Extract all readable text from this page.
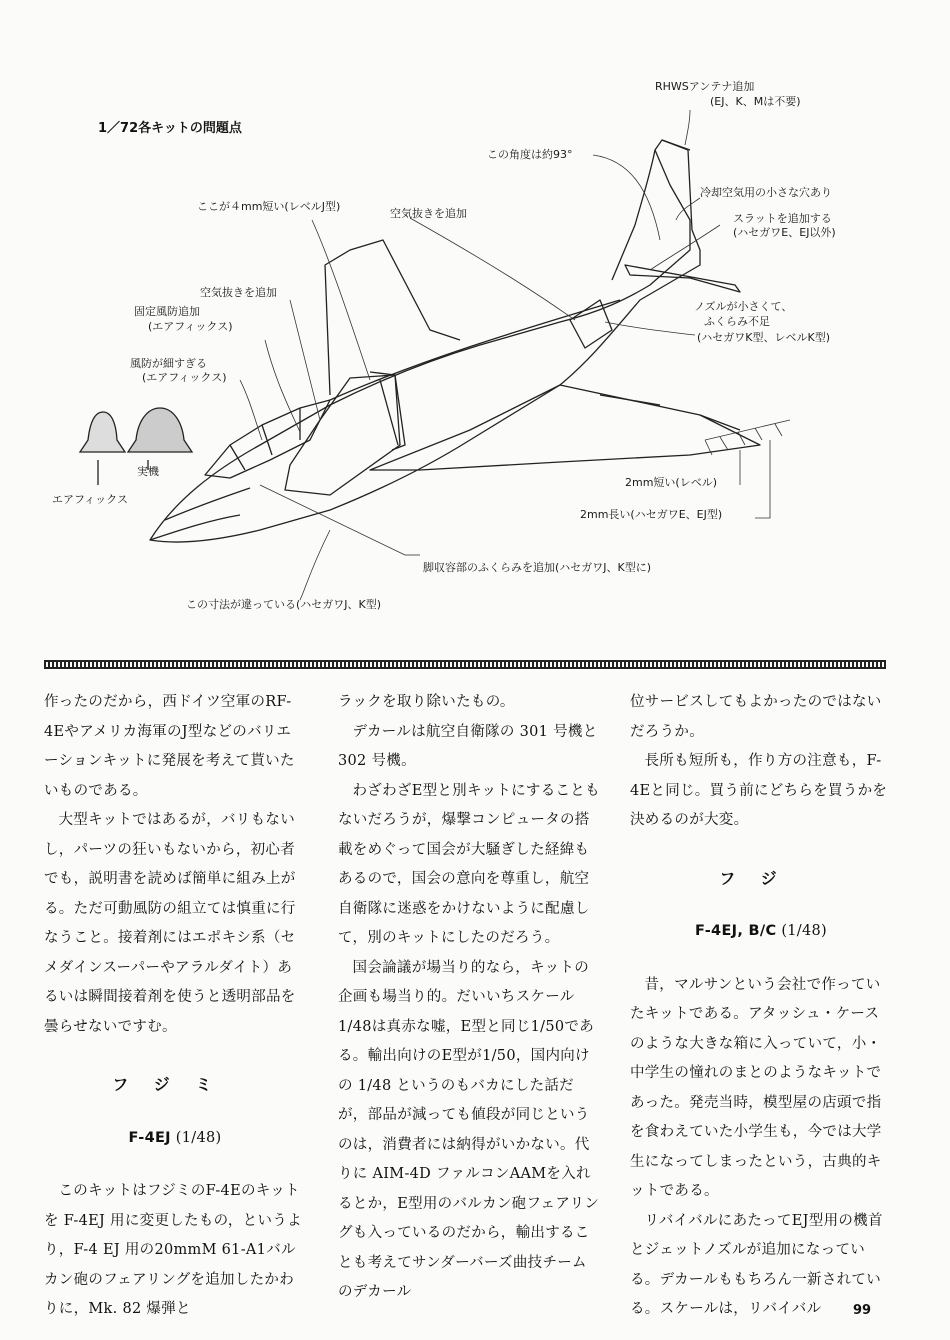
1／72各キットの問題点
RHWSアンテナ追加
(EJ、K、Mは不要)
この角度は約93°
冷却空気用の小さな穴あり
スラットを追加する
(ハセガワE、EJ以外)
ここが４mm短い(レベルJ型)
空気抜きを追加
空気抜きを追加
固定風防追加
(エアフィックス)
風防が細すぎる
(エアフィックス)
実機
エアフィックス
ノズルが小さくて、
ふくらみ不足
(ハセガワK型、レベルK型)
2mm短い(レベル)
2mm長い(ハセガワE、EJ型)
脚収容部のふくらみを追加(ハセガワJ、K型に)
この寸法が違っている(ハセガワJ、K型)

作ったのだから，西ドイツ空軍のRF-4Eやアメリカ海軍のJ型などのバリエーションキットに発展を考えて貰いたいものである。

大型キットではあるが，バリもないし，パーツの狂いもないから，初心者でも，説明書を読めば簡単に組み上がる。ただ可動風防の組立ては慎重に行なうこと。接着剤にはエポキシ系（セメダインスーパーやアラルダイト）あるいは瞬間接着剤を使うと透明部品を曇らせないですむ。

フジミ
F-4EJ (1/48)

このキットはフジミのF-4Eのキットを F-4EJ 用に変更したもの，というより，F-4 EJ 用の20mmM 61-A1バルカン砲のフェアリングを追加したかわりに，Mk. 82 爆弾と

ラックを取り除いたもの。

デカールは航空自衛隊の 301 号機と 302 号機。

わざわざE型と別キットにすることもないだろうが，爆撃コンピュータの搭載をめぐって国会が大騒ぎした経緯もあるので，国会の意向を尊重し，航空自衛隊に迷惑をかけないように配慮して，別のキットにしたのだろう。

国会論議が場当り的なら，キットの企画も場当り的。だいいちスケール1/48は真赤な嘘，E型と同じ1/50である。輸出向けのE型が1/50，国内向けの 1/48 というのもバカにした話だが，部品が減っても値段が同じというのは，消費者には納得がいかない。代りに AIM-4D ファルコンAAMを入れるとか，E型用のバルカン砲フェアリングも入っているのだから，輸出することも考えてサンダーバーズ曲技チームのデカール

位サービスしてもよかったのではないだろうか。

長所も短所も，作り方の注意も，F-4Eと同じ。買う前にどちらを買うかを決めるのが大変。

フジ
F-4EJ, B/C (1/48)

昔，マルサンという会社で作っていたキットである。アタッシュ・ケースのような大きな箱に入っていて，小・中学生の憧れのまとのようなキットであった。発売当時，模型屋の店頭で指を食わえていた小学生も，今では大学生になってしまったという，古典的キットである。

リバイバルにあたってEJ型用の機首とジェットノズルが追加になっている。デカールももちろん一新されている。スケールは，リバイバル	99
